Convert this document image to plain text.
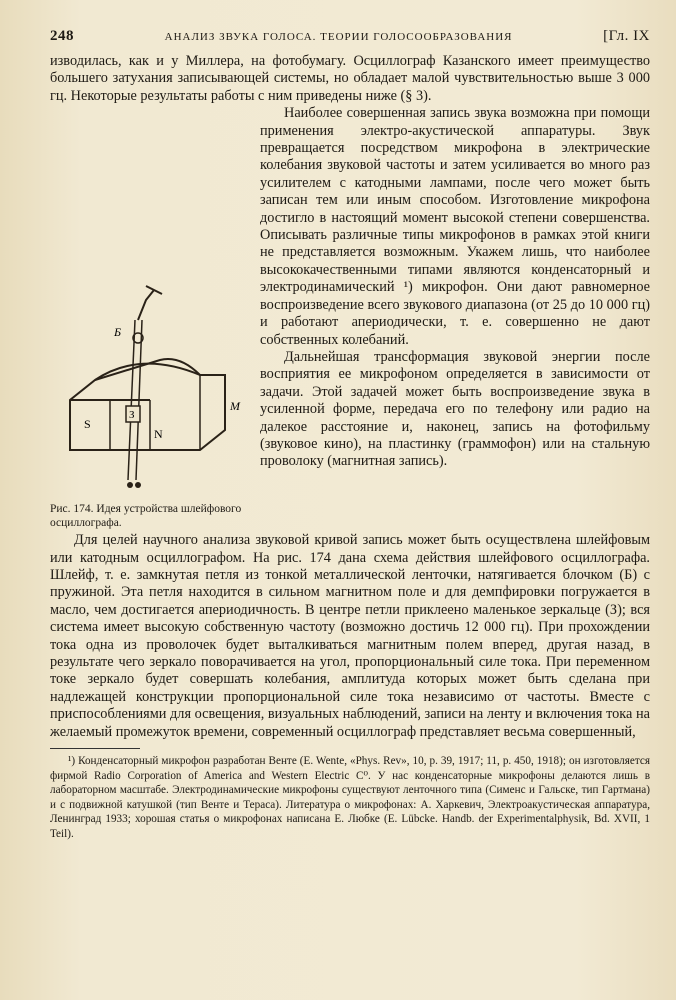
248	АНАЛИЗ ЗВУКА ГОЛОСА. ТЕОРИИ ГОЛОСООБРАЗОВАНИЯ	[Гл. IX

изводилась, как и у Миллера, на фотобумагу. Осциллограф Казанского имеет преимущество большего затухания записывающей системы, но обладает малой чувствительностью выше 3 000 гц. Некоторые результаты работы с ним приведены ниже (§ 3).

Б
S
N
З
M
Рис. 174. Идея устройства шлейфового осциллографа.

Наиболее совершенная запись звука возможна при помощи применения электро-акустической аппаратуры. Звук превращается посредством микрофона в электрические колебания звуковой частоты и затем усиливается во много раз усилителем с катодными лампами, после чего может быть записан тем или иным способом. Изготовление микрофона достигло в настоящий момент высокой степени совершенства. Описывать различные типы микрофонов в рамках этой книги не представляется возможным. Укажем лишь, что наиболее высококачественными типами являются конденсаторный и электродинамический ¹) микрофон. Они дают равномерное воспроизведение всего звукового диапазона (от 25 до 10 000 гц) и работают апериодически, т. е. совершенно не дают собственных колебаний.

Дальнейшая трансформация звуковой энергии после восприятия ее микрофоном определяется в зависимости от задачи. Этой задачей может быть воспроизведение звука в усиленной форме, передача его по телефону или радио на далекое расстояние и, наконец, запись на фотофильму (звуковое кино), на пластинку (граммофон) или на стальную проволоку (магнитная запись).

Для целей научного анализа звуковой кривой запись может быть осуществлена шлейфовым или катодным осциллографом. На рис. 174 дана схема действия шлейфового осциллографа. Шлейф, т. е. замкнутая петля из тонкой металлической ленточки, натягивается блочком (Б) с пружиной. Эта петля находится в сильном магнитном поле и для демпфировки погружается в масло, чем достигается апериодичность. В центре петли приклеено маленькое зеркальце (З); вся система имеет высокую собственную частоту (возможно достичь 12 000 гц). При прохождении тока одна из проволочек будет выталкиваться магнитным полем вперед, другая назад, в результате чего зеркало поворачивается на угол, пропорциональный силе тока. При переменном токе зеркало будет совершать колебания, амплитуда которых может быть сделана при надлежащей конструкции пропорциональной силе тока независимо от частоты. Вместе с приспособлениями для освещения, визуальных наблюдений, записи на ленту и включения тока на желаемый промежуток времени, современный осциллограф представляет весьма совершенный,

¹) Конденсаторный микрофон разработан Венте (E. Wente, «Phys. Rev», 10, p. 39, 1917; 11, p. 450, 1918); он изготовляется фирмой Radio Corporation of America and Western Electric C⁰. У нас конденсаторные микрофоны делаются лишь в лабораторном масштабе. Электродинамические микрофоны существуют ленточного типа (Сименс и Гальске, тип Гартмана) и с подвижной катушкой (тип Венте и Тераса). Литература о микрофонах: А. Харкевич, Электроакустическая аппаратура, Ленинград 1933; хорошая статья о микрофонах написана Е. Любке (E. Lübcke. Handb. der Experimentalphysik, Bd. XVII, 1 Teil).
